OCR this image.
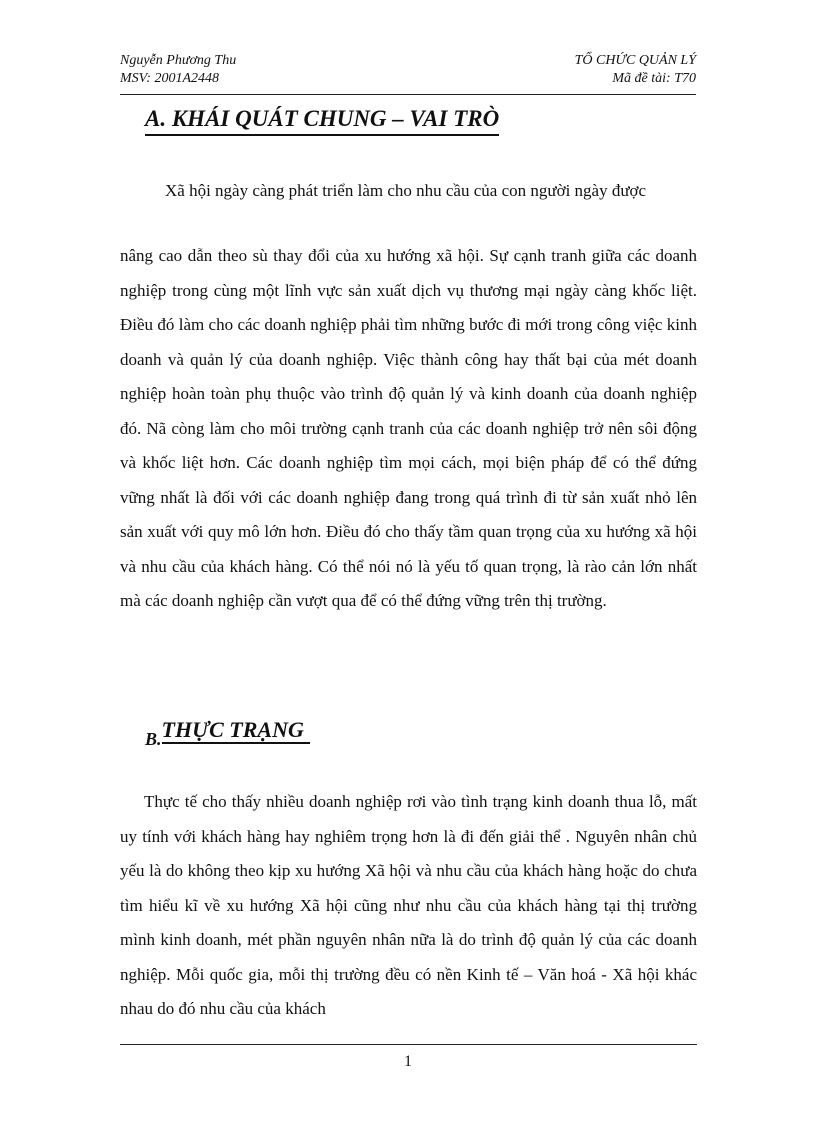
Nguyễn Phương Thu
MSV: 2001A2448
TỔ CHỨC QUẢN LÝ
Mã đề tài: T70
A. KHÁI QUÁT CHUNG – VAI TRÒ
Xã hội ngày càng phát triển làm cho nhu cầu của con người ngày được
nâng cao dẫn theo sù thay đổi của xu hướng xã hội. Sự cạnh tranh giữa các doanh nghiệp trong cùng một lĩnh vực sản xuất dịch vụ thương mại ngày càng khốc liệt. Điều đó làm cho các doanh nghiệp phải tìm những bước đi mới trong công việc kinh doanh và quản lý của doanh nghiệp. Việc thành công hay thất bại của mét doanh nghiệp hoàn toàn phụ thuộc vào trình độ quản lý và kinh doanh của doanh nghiệp đó. Nã còng làm cho môi trường cạnh tranh của các doanh nghiệp trở nên sôi động và khốc liệt hơn. Các doanh nghiệp tìm mọi cách, mọi biện pháp để có thể đứng vững nhất là đối với các doanh nghiệp đang trong quá trình đi từ sản xuất nhỏ lên sản xuất với quy mô lớn hơn. Điều đó cho thấy tầm quan trọng của xu hướng xã hội và nhu cầu của khách hàng. Có thể nói nó là yếu tố quan trọng, là rào cản lớn nhất mà các doanh nghiệp cần vượt qua để có thể đứng vững trên thị trường.
$_{B.}$THỰC TRẠNG
Thực tế cho thấy nhiều doanh nghiệp rơi vào tình trạng kinh doanh thua lỗ, mất uy tính với khách hàng hay nghiêm trọng hơn là đi đến giải thể . Nguyên nhân chủ yếu là do không theo kịp xu hướng Xã hội và nhu cầu của khách hàng hoặc do chưa tìm hiểu kĩ về xu hướng Xã hội cũng như nhu cầu của khách hàng tại thị trường mình kinh doanh, mét phần nguyên nhân nữa là do trình độ quản lý của các doanh nghiệp. Mỗi quốc gia, mỗi thị trường đều có nền Kinh tế – Văn hoá - Xã hội khác nhau do đó nhu cầu của khách
1
